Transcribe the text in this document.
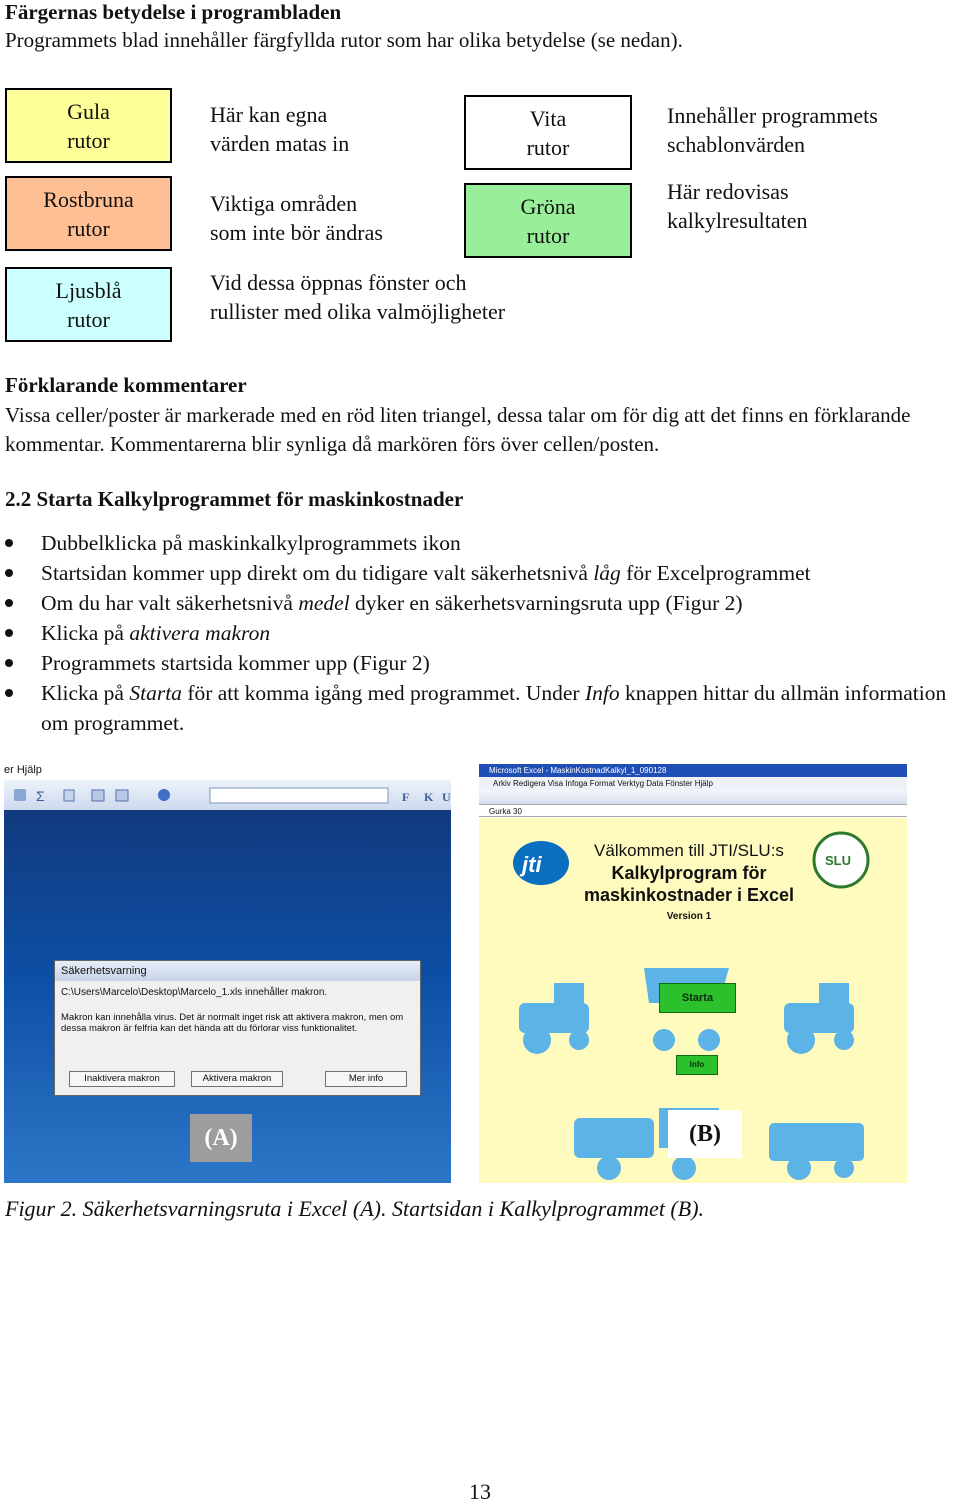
Färgernas betydelse i programbladen
Programmets blad innehåller färgfyllda rutor som har olika betydelse (se nedan).
Gula
rutor
Här kan egna
värden matas in
Rostbruna
rutor
Viktiga områden
som inte bör ändras
Ljusblå
rutor
Vid dessa öppnas fönster och
rullister med olika valmöjligheter
Vita
rutor
Innehåller programmets
schablonvärden
Gröna
rutor
Här redovisas
kalkylresultaten
Förklarande kommentarer
Vissa celler/poster är markerade med en röd liten triangel, dessa talar om för dig att det finns en förklarande kommentar. Kommentarerna blir synliga då markören förs över cellen/posten.
2.2 Starta Kalkylprogrammet för maskinkostnader
Dubbelklicka på maskinkalkylprogrammets ikon
Startsidan kommer upp direkt om du tidigare valt säkerhetsnivå låg för Excelprogrammet
Om du har valt säkerhetsnivå medel dyker en säkerhetsvarningsruta upp (Figur 2)
Klicka på aktivera makron
Programmets startsida kommer upp (Figur 2)
Klicka på Starta för att komma igång med programmet. Under Info knappen hittar du allmän information om programmet.
er Hjälp
Σ	F K U
Säkerhetsvarning
C:\Users\Marcelo\Desktop\Marcelo_1.xls innehåller makron.
Makron kan innehålla virus. Det är normalt inget risk att aktivera makron, men om dessa makron är felfria kan det hända att du förlorar viss funktionalitet.
Inaktivera makron	Aktivera makron	Mer info
(A)
Microsoft Excel - MaskinKostnadKalkyl_1_090128
Arkiv Redigera Visa Infoga Format Verktyg Data Fönster Hjälp
Gurka 30
jti	SLU
Välkommen till JTI/SLU:s
Kalkylprogram för
maskinkostnader i Excel
Version 1
Starta
Info
(B)
Figur 2. Säkerhetsvarningsruta i Excel (A). Startsidan i Kalkylprogrammet (B).
13
